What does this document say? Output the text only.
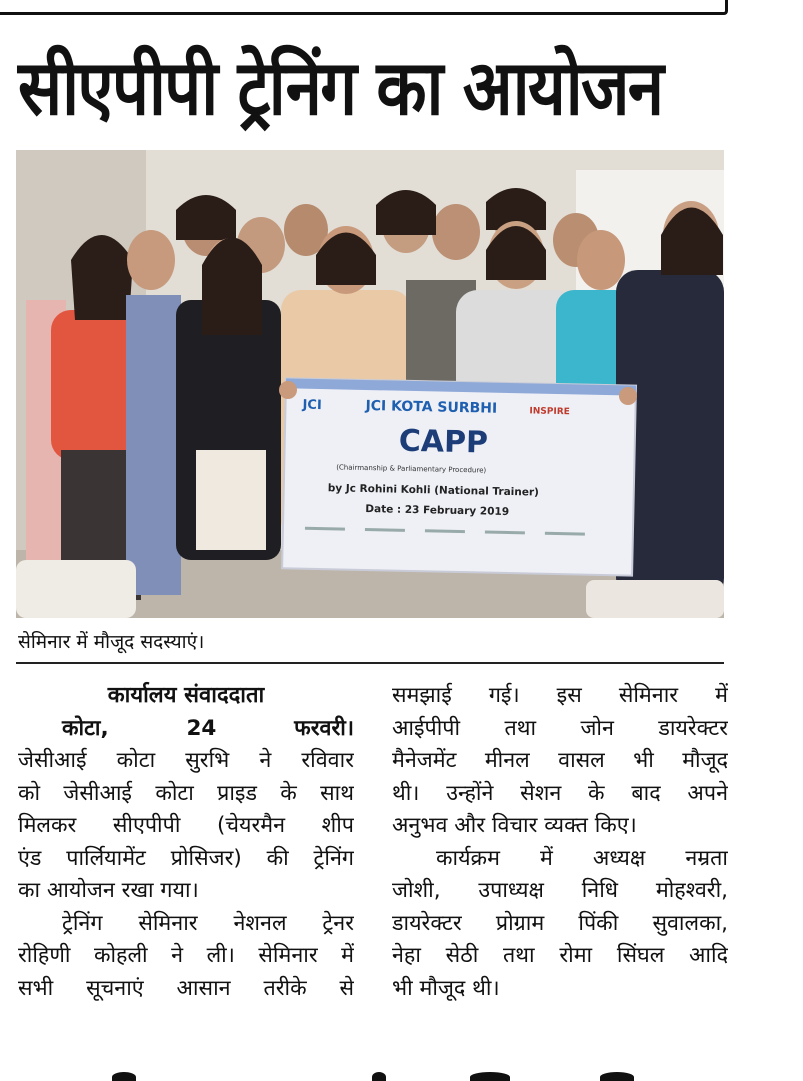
सीएपीपी ट्रेनिंग का आयोजन
JCI	JCI KOTA SURBHI	INSPIRE
CAPP
(Chairmanship & Parliamentary Procedure)
by Jc Rohini Kohli (National Trainer)
Date : 23 February 2019
सेमिनार में मौजूद सदस्याएं।
कार्यालय संवाददाता
कोटा, 24 फरवरी।
जेसीआई कोटा सुरभि ने रविवार
को जेसीआई कोटा प्राइड के साथ
मिलकर सीएपीपी (चेयरमैन शीप
एंड पार्लियामेंट प्रोसिजर) की ट्रेनिंग
का आयोजन रखा गया।
ट्रेनिंग सेमिनार नेशनल ट्रेनर
रोहिणी कोहली ने ली। सेमिनार में
सभी सूचनाएं आसान तरीके से
समझाई गई। इस सेमिनार में
आईपीपी तथा जोन डायरेक्टर
मैनेजमेंट मीनल वासल भी मौजूद
थी। उन्होंने सेशन के बाद अपने
अनुभव और विचार व्यक्त किए।
कार्यक्रम में अध्यक्ष नम्रता
जोशी, उपाध्यक्ष निधि मोहश्वरी,
डायरेक्टर प्रोग्राम पिंकी सुवालका,
नेहा सेठी तथा रोमा सिंघल आदि
भी मौजूद थी।
